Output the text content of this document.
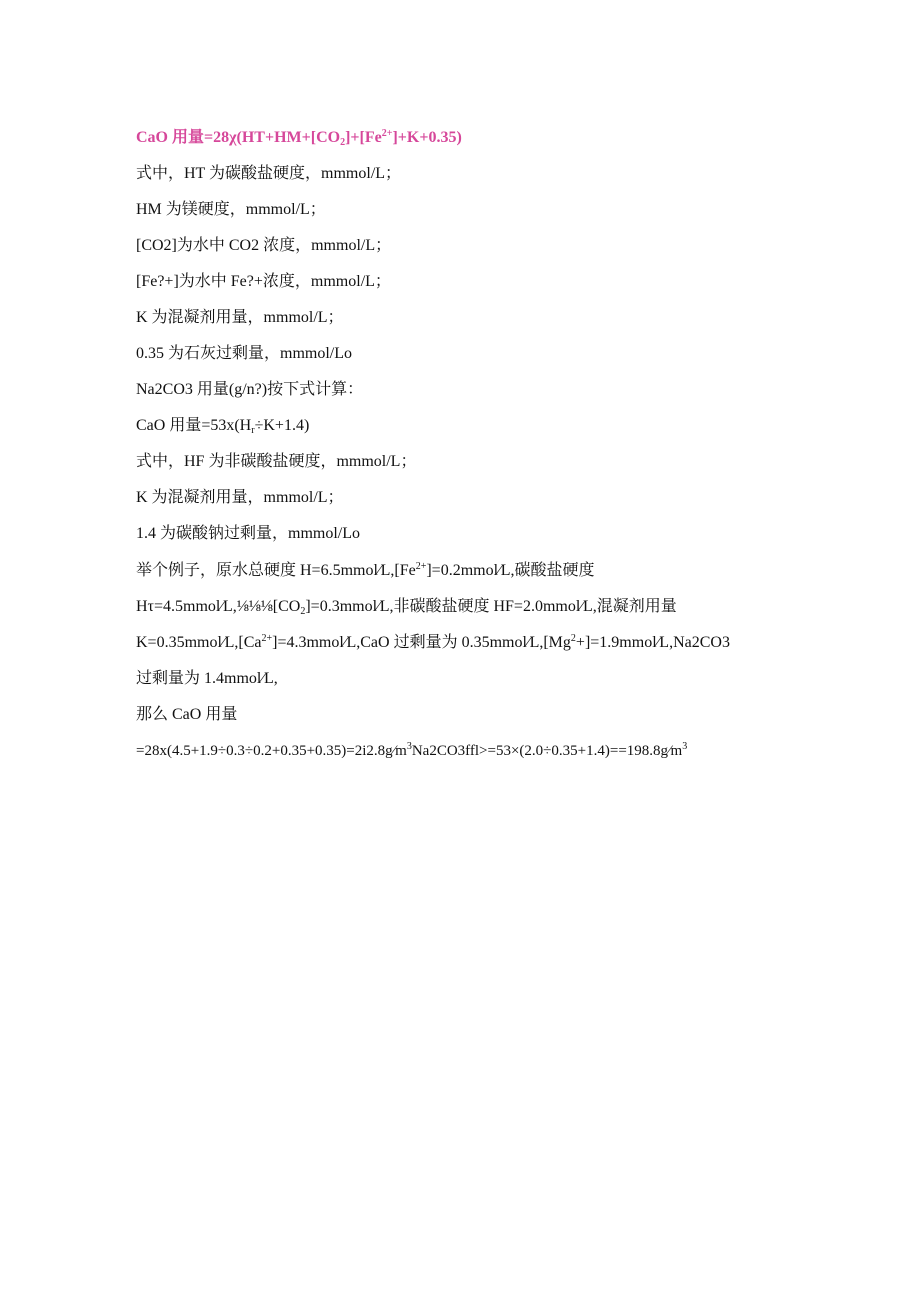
CaO 用量$=28\chi(HT+HM+[CO_2]+[Fe^{2+}]+K+0.35)$
式中，HT 为碳酸盐硬度，mmmol/L；
HM 为镁硬度，mmmol/L；
[CO2]为水中 CO2 浓度，mmmol/L；
[Fe?+]为水中 Fe?+浓度，mmmol/L；
K 为混凝剂用量，mmmol/L；
0.35 为石灰过剩量，mmmol/Lo
Na2CO3 用量(g/n?)按下式计算：
CaO 用量$=53x(H_r\div K+1.4)$
式中，HF 为非碳酸盐硬度，mmmol/L；
K 为混凝剂用量，mmmol/L；
1.4 为碳酸钠过剩量，mmmol/Lo
举个例子，原水总硬度 $H=6.5mmol⁄L,[Fe^{2+}]=0.2mmol⁄L$,碳酸盐硬度
$H\tau=4.5mmol⁄L,\frac{1}{8}\frac{1}{8}\frac{1}{8}[CO_2]=0.3mmol⁄L$,非碳酸盐硬度 HF=2.0mmol⁄L,混凝剂用量
$K=0.35mmol⁄L,[Ca^{2+}]=4.3mmol⁄L,CaO$ 过剩量为 $0.35mmol⁄L,[Mg^2+]=1.9mmol⁄L,Na2CO3$
过剩量为 1.4mmol⁄L,
那么 CaO 用量
$=28x(4.5+1.9\div 0.3\div 0.2+0.35+0.35)=2i2.8g⁄m^3Na2CO3ffl>=53\times(2.0\div 0.35+1.4)==198.8g⁄m^3$
